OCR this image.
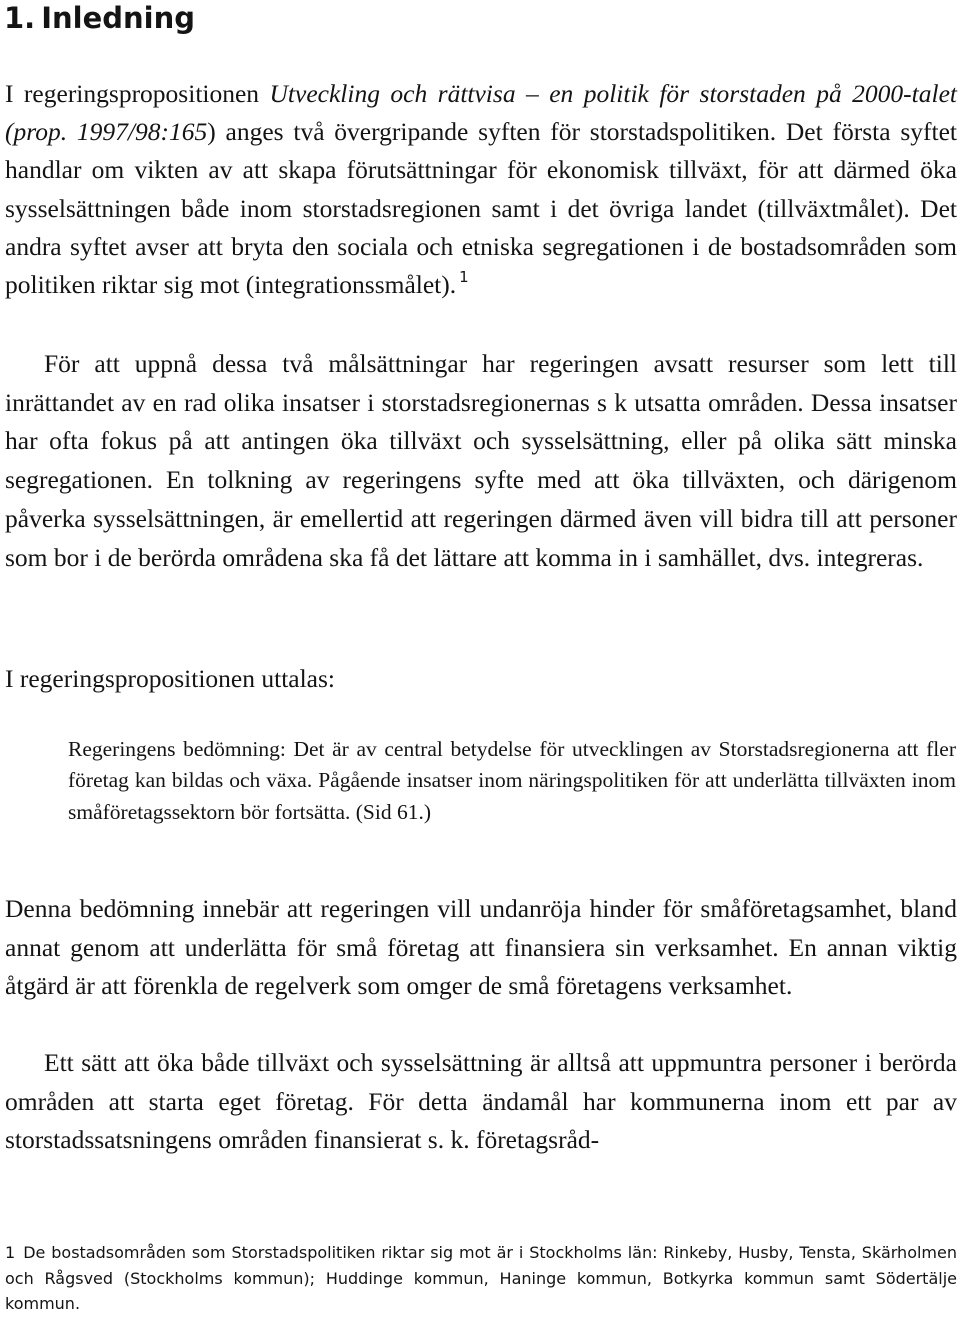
1. Inledning

I regeringspropositionen Utveckling och rättvisa – en politik för storstaden på 2000-talet (prop. 1997/98:165) anges två övergripande syften för storstadspolitiken. Det första syftet handlar om vikten av att skapa förutsättningar för ekonomisk tillväxt, för att därmed öka sysselsättningen både inom storstadsregionen samt i det övriga landet (tillväxtmålet). Det andra syftet avser att bryta den sociala och etniska segregationen i de bostadsområden som politiken riktar sig mot (integrationssmålet). $^1$

För att uppnå dessa två målsättningar har regeringen avsatt resurser som lett till inrättandet av en rad olika insatser i storstadsregionernas s k utsatta områden. Dessa insatser har ofta fokus på att antingen öka tillväxt och sysselsättning, eller på olika sätt minska segregationen. En tolkning av regeringens syfte med att öka tillväxten, och därigenom påverka sysselsättningen, är emellertid att regeringen därmed även vill bidra till att personer som bor i de berörda områdena ska få det lättare att komma in i samhället, dvs. integreras.

I regeringspropositionen uttalas:

Regeringens bedömning: Det är av central betydelse för utvecklingen av Storstadsregionerna att fler företag kan bildas och växa. Pågående insatser inom näringspolitiken för att underlätta tillväxten inom småföretagssektorn bör fortsätta. (Sid 61.)

Denna bedömning innebär att regeringen vill undanröja hinder för småföretagsamhet, bland annat genom att underlätta för små företag att finansiera sin verksamhet. En annan viktig åtgärd är att förenkla de regelverk som omger de små företagens verksamhet.

Ett sätt att öka både tillväxt och sysselsättning är alltså att uppmuntra personer i berörda områden att starta eget företag. För detta ändamål har kommunerna inom ett par av storstadssatsningens områden finansierat s. k. företagsråd-

1 De bostadsområden som Storstadspolitiken riktar sig mot är i Stockholms län: Rinkeby, Husby, Tensta, Skärholmen och Rågsved (Stockholms kommun); Huddinge kommun, Haninge kommun, Botkyrka kommun samt Södertälje kommun.
